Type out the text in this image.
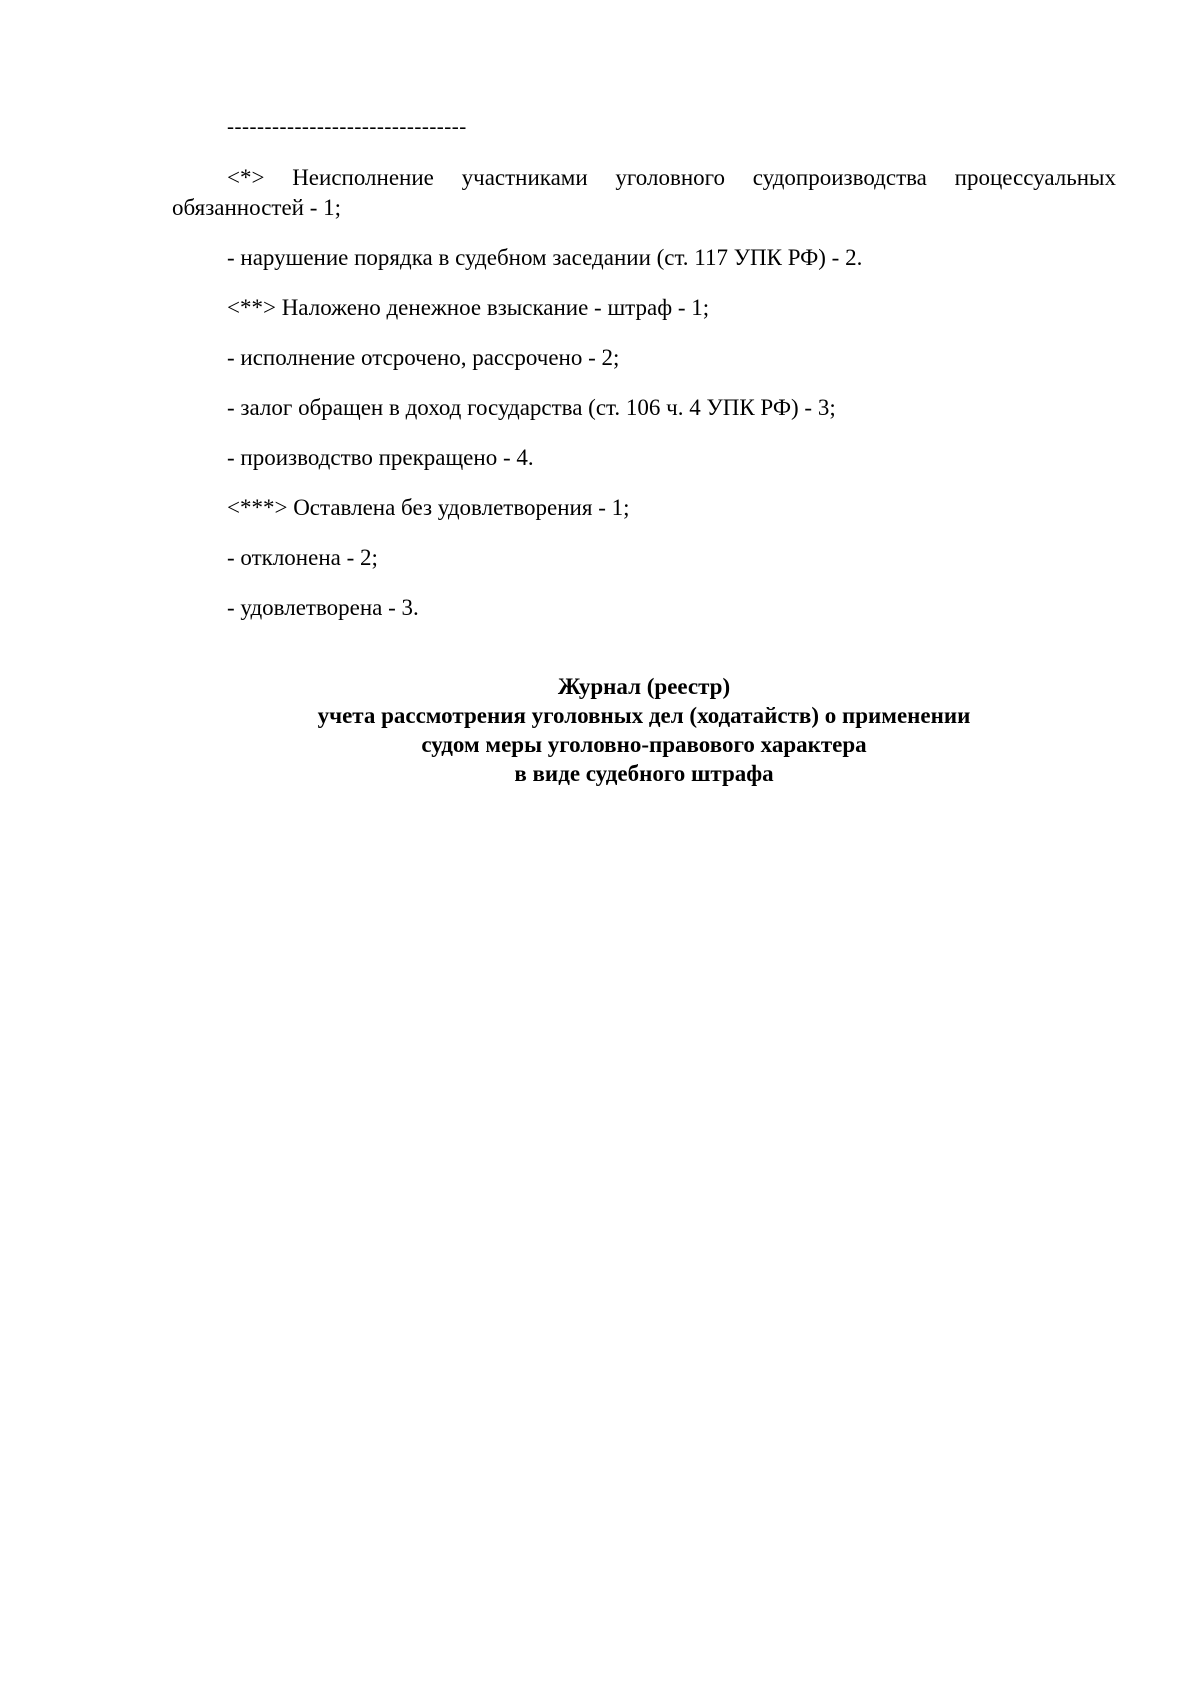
--------------------------------

<*> Неисполнение участниками уголовного судопроизводства процессуальных обязанностей - 1;

- нарушение порядка в судебном заседании (ст. 117 УПК РФ) - 2.

<**> Наложено денежное взыскание - штраф - 1;

- исполнение отсрочено, рассрочено - 2;

- залог обращен в доход государства (ст. 106 ч. 4 УПК РФ) - 3;

- производство прекращено - 4.

<***> Оставлена без удовлетворения - 1;

- отклонена - 2;

- удовлетворена - 3.

Журнал (реестр)
учета рассмотрения уголовных дел (ходатайств) о применении
судом меры уголовно-правового характера
в виде судебного штрафа
